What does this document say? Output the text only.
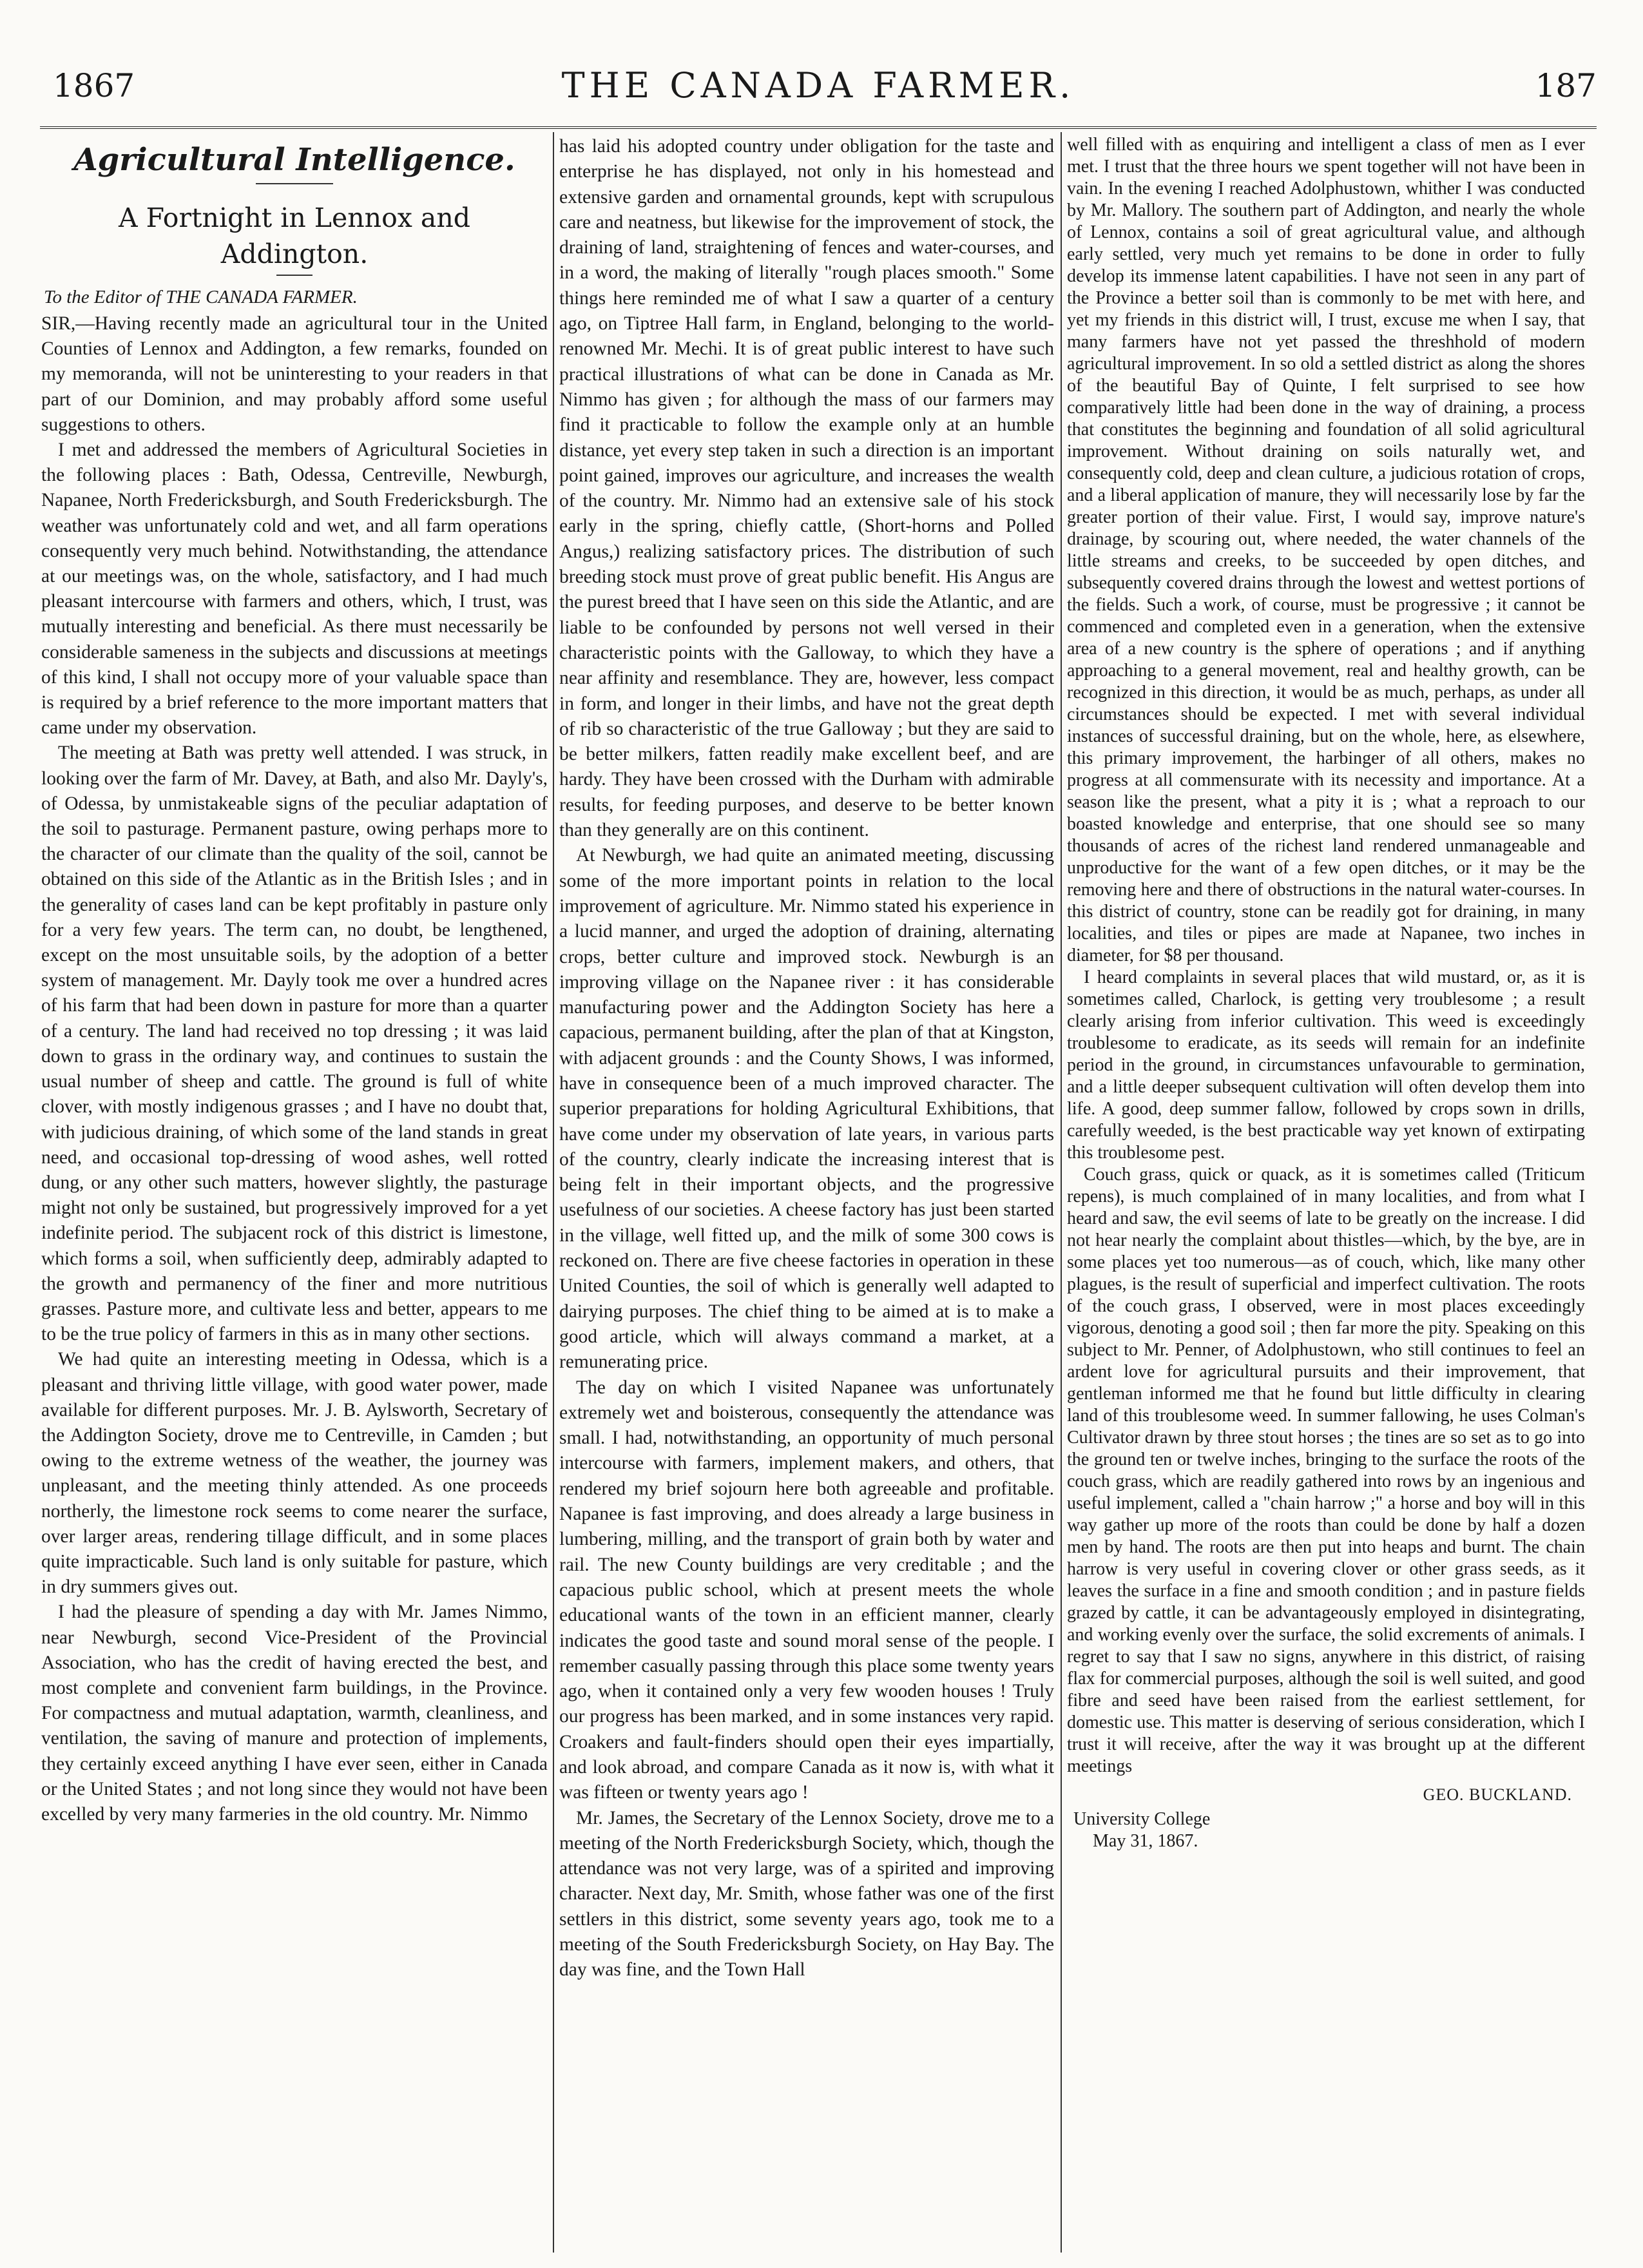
1867	THE CANADA FARMER.	187
Agricultural Intelligence.
A Fortnight in Lennox and Addington.
To the Editor of THE CANADA FARMER.

SIR,—Having recently made an agricultural tour in the United Counties of Lennox and Addington, a few remarks, founded on my memoranda, will not be uninteresting to your readers in that part of our Dominion, and may probably afford some useful suggestions to others.

I met and addressed the members of Agricultural Societies in the following places : Bath, Odessa, Centreville, Newburgh, Napanee, North Fredericksburgh, and South Fredericksburgh. The weather was unfortunately cold and wet, and all farm operations consequently very much behind. Notwithstanding, the attendance at our meetings was, on the whole, satisfactory, and I had much pleasant intercourse with farmers and others, which, I trust, was mutually interesting and beneficial. As there must necessarily be considerable sameness in the subjects and discussions at meetings of this kind, I shall not occupy more of your valuable space than is required by a brief reference to the more important matters that came under my observation.

The meeting at Bath was pretty well attended. I was struck, in looking over the farm of Mr. Davey, at Bath, and also Mr. Dayly's, of Odessa, by unmistakeable signs of the peculiar adaptation of the soil to pasturage. Permanent pasture, owing perhaps more to the character of our climate than the quality of the soil, cannot be obtained on this side of the Atlantic as in the British Isles ; and in the generality of cases land can be kept profitably in pasture only for a very few years. The term can, no doubt, be lengthened, except on the most unsuitable soils, by the adoption of a better system of management. Mr. Dayly took me over a hundred acres of his farm that had been down in pasture for more than a quarter of a century. The land had received no top dressing ; it was laid down to grass in the ordinary way, and continues to sustain the usual number of sheep and cattle. The ground is full of white clover, with mostly indigenous grasses ; and I have no doubt that, with judicious draining, of which some of the land stands in great need, and occasional top-dressing of wood ashes, well rotted dung, or any other such matters, however slightly, the pasturage might not only be sustained, but progressively improved for a yet indefinite period. The subjacent rock of this district is limestone, which forms a soil, when sufficiently deep, admirably adapted to the growth and permanency of the finer and more nutritious grasses. Pasture more, and cultivate less and better, appears to me to be the true policy of farmers in this as in many other sections.

We had quite an interesting meeting in Odessa, which is a pleasant and thriving little village, with good water power, made available for different purposes. Mr. J. B. Aylsworth, Secretary of the Addington Society, drove me to Centreville, in Camden ; but owing to the extreme wetness of the weather, the journey was unpleasant, and the meeting thinly attended. As one proceeds northerly, the limestone rock seems to come nearer the surface, over larger areas, rendering tillage difficult, and in some places quite impracticable. Such land is only suitable for pasture, which in dry summers gives out.

I had the pleasure of spending a day with Mr. James Nimmo, near Newburgh, second Vice-President of the Provincial Association, who has the credit of having erected the best, and most complete and convenient farm buildings, in the Province. For compactness and mutual adaptation, warmth, cleanliness, and ventilation, the saving of manure and protection of implements, they certainly exceed anything I have ever seen, either in Canada or the United States ; and not long since they would not have been excelled by very many farmeries in the old country. Mr. Nimmo

has laid his adopted country under obligation for the taste and enterprise he has displayed, not only in his homestead and extensive garden and ornamental grounds, kept with scrupulous care and neatness, but likewise for the improvement of stock, the draining of land, straightening of fences and water-courses, and in a word, the making of literally "rough places smooth." Some things here reminded me of what I saw a quarter of a century ago, on Tiptree Hall farm, in England, belonging to the world-renowned Mr. Mechi. It is of great public interest to have such practical illustrations of what can be done in Canada as Mr. Nimmo has given ; for although the mass of our farmers may find it practicable to follow the example only at an humble distance, yet every step taken in such a direction is an important point gained, improves our agriculture, and increases the wealth of the country. Mr. Nimmo had an extensive sale of his stock early in the spring, chiefly cattle, (Short-horns and Polled Angus,) realizing satisfactory prices. The distribution of such breeding stock must prove of great public benefit. His Angus are the purest breed that I have seen on this side the Atlantic, and are liable to be confounded by persons not well versed in their characteristic points with the Galloway, to which they have a near affinity and resemblance. They are, however, less compact in form, and longer in their limbs, and have not the great depth of rib so characteristic of the true Galloway ; but they are said to be better milkers, fatten readily make excellent beef, and are hardy. They have been crossed with the Durham with admirable results, for feeding purposes, and deserve to be better known than they generally are on this continent.

At Newburgh, we had quite an animated meeting, discussing some of the more important points in relation to the local improvement of agriculture. Mr. Nimmo stated his experience in a lucid manner, and urged the adoption of draining, alternating crops, better culture and improved stock. Newburgh is an improving village on the Napanee river : it has considerable manufacturing power and the Addington Society has here a capacious, permanent building, after the plan of that at Kingston, with adjacent grounds : and the County Shows, I was informed, have in consequence been of a much improved character. The superior preparations for holding Agricultural Exhibitions, that have come under my observation of late years, in various parts of the country, clearly indicate the increasing interest that is being felt in their important objects, and the progressive usefulness of our societies. A cheese factory has just been started in the village, well fitted up, and the milk of some 300 cows is reckoned on. There are five cheese factories in operation in these United Counties, the soil of which is generally well adapted to dairying purposes. The chief thing to be aimed at is to make a good article, which will always command a market, at a remunerating price.

The day on which I visited Napanee was unfortunately extremely wet and boisterous, consequently the attendance was small. I had, notwithstanding, an opportunity of much personal intercourse with farmers, implement makers, and others, that rendered my brief sojourn here both agreeable and profitable. Napanee is fast improving, and does already a large business in lumbering, milling, and the transport of grain both by water and rail. The new County buildings are very creditable ; and the capacious public school, which at present meets the whole educational wants of the town in an efficient manner, clearly indicates the good taste and sound moral sense of the people. I remember casually passing through this place some twenty years ago, when it contained only a very few wooden houses ! Truly our progress has been marked, and in some instances very rapid. Croakers and fault-finders should open their eyes impartially, and look abroad, and compare Canada as it now is, with what it was fifteen or twenty years ago !

Mr. James, the Secretary of the Lennox Society, drove me to a meeting of the North Fredericksburgh Society, which, though the attendance was not very large, was of a spirited and improving character. Next day, Mr. Smith, whose father was one of the first settlers in this district, some seventy years ago, took me to a meeting of the South Fredericksburgh Society, on Hay Bay. The day was fine, and the Town Hall

well filled with as enquiring and intelligent a class of men as I ever met. I trust that the three hours we spent together will not have been in vain. In the evening I reached Adolphustown, whither I was conducted by Mr. Mallory. The southern part of Addington, and nearly the whole of Lennox, contains a soil of great agricultural value, and although early settled, very much yet remains to be done in order to fully develop its immense latent capabilities. I have not seen in any part of the Province a better soil than is commonly to be met with here, and yet my friends in this district will, I trust, excuse me when I say, that many farmers have not yet passed the threshhold of modern agricultural improvement. In so old a settled district as along the shores of the beautiful Bay of Quinte, I felt surprised to see how comparatively little had been done in the way of draining, a process that constitutes the beginning and foundation of all solid agricultural improvement. Without draining on soils naturally wet, and consequently cold, deep and clean culture, a judicious rotation of crops, and a liberal application of manure, they will necessarily lose by far the greater portion of their value. First, I would say, improve nature's drainage, by scouring out, where needed, the water channels of the little streams and creeks, to be succeeded by open ditches, and subsequently covered drains through the lowest and wettest portions of the fields. Such a work, of course, must be progressive ; it cannot be commenced and completed even in a generation, when the extensive area of a new country is the sphere of operations ; and if anything approaching to a general movement, real and healthy growth, can be recognized in this direction, it would be as much, perhaps, as under all circumstances should be expected. I met with several individual instances of successful draining, but on the whole, here, as elsewhere, this primary improvement, the harbinger of all others, makes no progress at all commensurate with its necessity and importance. At a season like the present, what a pity it is ; what a reproach to our boasted knowledge and enterprise, that one should see so many thousands of acres of the richest land rendered unmanageable and unproductive for the want of a few open ditches, or it may be the removing here and there of obstructions in the natural water-courses. In this district of country, stone can be readily got for draining, in many localities, and tiles or pipes are made at Napanee, two inches in diameter, for $8 per thousand.

I heard complaints in several places that wild mustard, or, as it is sometimes called, Charlock, is getting very troublesome ; a result clearly arising from inferior cultivation. This weed is exceedingly troublesome to eradicate, as its seeds will remain for an indefinite period in the ground, in circumstances unfavourable to germination, and a little deeper subsequent cultivation will often develop them into life. A good, deep summer fallow, followed by crops sown in drills, carefully weeded, is the best practicable way yet known of extirpating this troublesome pest.

Couch grass, quick or quack, as it is sometimes called (Triticum repens), is much complained of in many localities, and from what I heard and saw, the evil seems of late to be greatly on the increase. I did not hear nearly the complaint about thistles—which, by the bye, are in some places yet too numerous—as of couch, which, like many other plagues, is the result of superficial and imperfect cultivation. The roots of the couch grass, I observed, were in most places exceedingly vigorous, denoting a good soil ; then far more the pity. Speaking on this subject to Mr. Penner, of Adolphustown, who still continues to feel an ardent love for agricultural pursuits and their improvement, that gentleman informed me that he found but little difficulty in clearing land of this troublesome weed. In summer fallowing, he uses Colman's Cultivator drawn by three stout horses ; the tines are so set as to go into the ground ten or twelve inches, bringing to the surface the roots of the couch grass, which are readily gathered into rows by an ingenious and useful implement, called a "chain harrow ;" a horse and boy will in this way gather up more of the roots than could be done by half a dozen men by hand. The roots are then put into heaps and burnt. The chain harrow is very useful in covering clover or other grass seeds, as it leaves the surface in a fine and smooth condition ; and in pasture fields grazed by cattle, it can be advantageously employed in disintegrating, and working evenly over the surface, the solid excrements of animals. I regret to say that I saw no signs, anywhere in this district, of raising flax for commercial purposes, although the soil is well suited, and good fibre and seed have been raised from the earliest settlement, for domestic use. This matter is deserving of serious consideration, which I trust it will receive, after the way it was brought up at the different meetings

GEO. BUCKLAND.
University College
May 31, 1867.
